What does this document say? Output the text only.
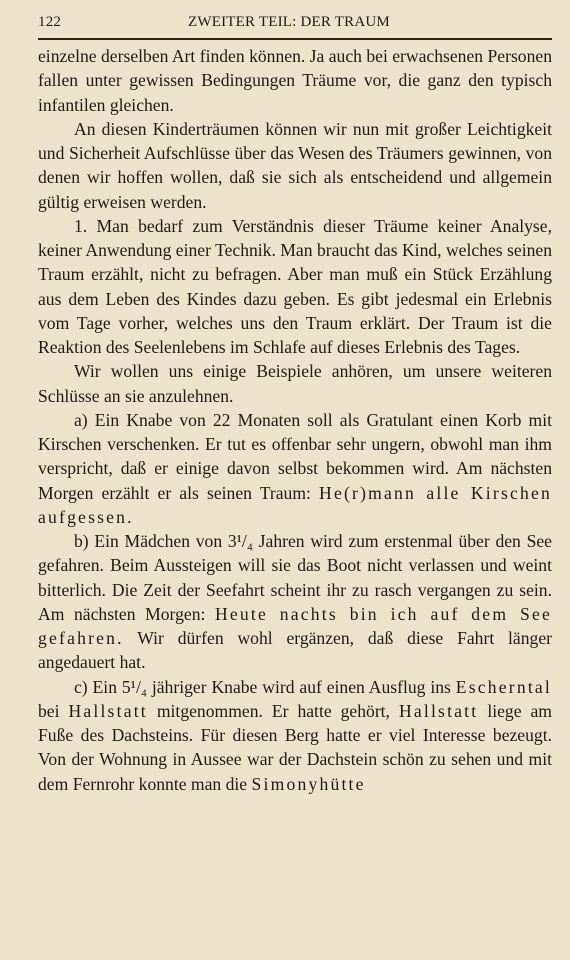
122	ZWEITER TEIL: DER TRAUM

einzelne derselben Art finden können. Ja auch bei erwachsenen Personen fallen unter gewissen Bedingungen Träume vor, die ganz den typisch infantilen gleichen.

An diesen Kinderträumen können wir nun mit großer Leichtigkeit und Sicherheit Aufschlüsse über das Wesen des Träumers gewinnen, von denen wir hoffen wollen, daß sie sich als entscheidend und allgemein gültig erweisen werden.

1. Man bedarf zum Verständnis dieser Träume keiner Analyse, keiner Anwendung einer Technik. Man braucht das Kind, welches seinen Traum erzählt, nicht zu befragen. Aber man muß ein Stück Erzählung aus dem Leben des Kindes dazu geben. Es gibt jedesmal ein Erlebnis vom Tage vorher, welches uns den Traum erklärt. Der Traum ist die Reaktion des Seelenlebens im Schlafe auf dieses Erlebnis des Tages.

Wir wollen uns einige Beispiele anhören, um unsere weiteren Schlüsse an sie anzulehnen.

a) Ein Knabe von 22 Monaten soll als Gratulant einen Korb mit Kirschen verschenken. Er tut es offenbar sehr ungern, obwohl man ihm verspricht, daß er einige davon selbst bekommen wird. Am nächsten Morgen erzählt er als seinen Traum: He(r)mann alle Kirschen aufgessen.

b) Ein Mädchen von 3¹/₄ Jahren wird zum erstenmal über den See gefahren. Beim Aussteigen will sie das Boot nicht verlassen und weint bitterlich. Die Zeit der Seefahrt scheint ihr zu rasch vergangen zu sein. Am nächsten Morgen: Heute nachts bin ich auf dem See gefahren. Wir dürfen wohl ergänzen, daß diese Fahrt länger angedauert hat.

c) Ein 5¹/₄ jähriger Knabe wird auf einen Ausflug ins Escherntal bei Hallstatt mitgenommen. Er hatte gehört, Hallstatt liege am Fuße des Dachsteins. Für diesen Berg hatte er viel Interesse bezeugt. Von der Wohnung in Aussee war der Dachstein schön zu sehen und mit dem Fernrohr konnte man die Simonyhütte
